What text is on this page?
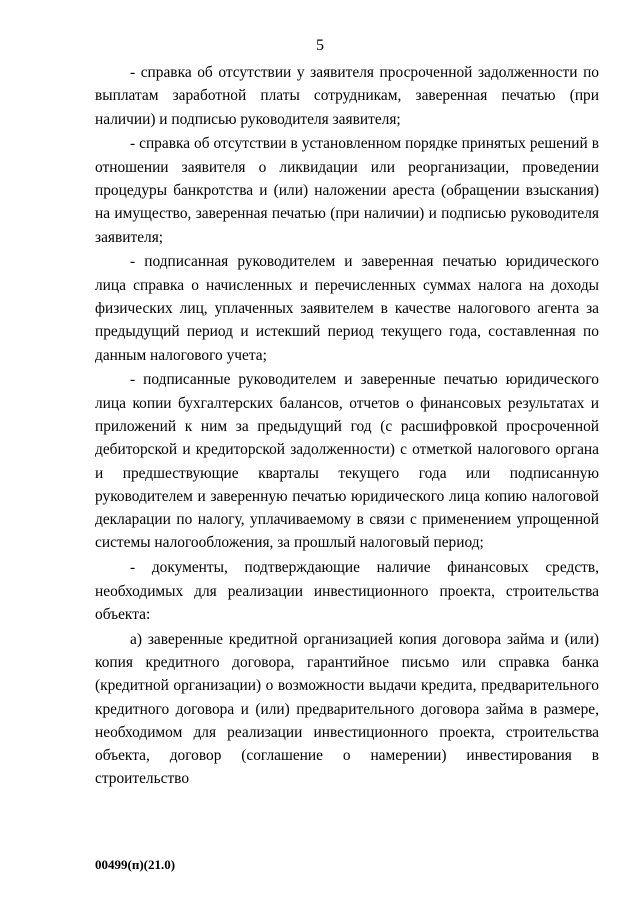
5

- справка об отсутствии у заявителя просроченной задолженности по выплатам заработной платы сотрудникам, заверенная печатью (при наличии) и подписью руководителя заявителя;

- справка об отсутствии в установленном порядке принятых решений в отношении заявителя о ликвидации или реорганизации, проведении процедуры банкротства и (или) наложении ареста (обращении взыскания) на имущество, заверенная печатью (при наличии) и подписью руководителя заявителя;

- подписанная руководителем и заверенная печатью юридического лица справка о начисленных и перечисленных суммах налога на доходы физических лиц, уплаченных заявителем в качестве налогового агента за предыдущий период и истекший период текущего года, составленная по данным налогового учета;

- подписанные руководителем и заверенные печатью юридического лица копии бухгалтерских балансов, отчетов о финансовых результатах и приложений к ним за предыдущий год (с расшифровкой просроченной дебиторской и кредиторской задолженности) с отметкой налогового органа и предшествующие кварталы текущего года или подписанную руководителем и заверенную печатью юридического лица копию налоговой декларации по налогу, уплачиваемому в связи с применением упрощенной системы налогообложения, за прошлый налоговый период;

- документы, подтверждающие наличие финансовых средств, необходимых для реализации инвестиционного проекта, строительства объекта:

а) заверенные кредитной организацией копия договора займа и (или) копия кредитного договора, гарантийное письмо или справка банка (кредитной организации) о возможности выдачи кредита, предварительного кредитного договора и (или) предварительного договора займа в размере, необходимом для реализации инвестиционного проекта, строительства объекта, договор (соглашение о намерении) инвестирования в строительство

00499(п)(21.0)
